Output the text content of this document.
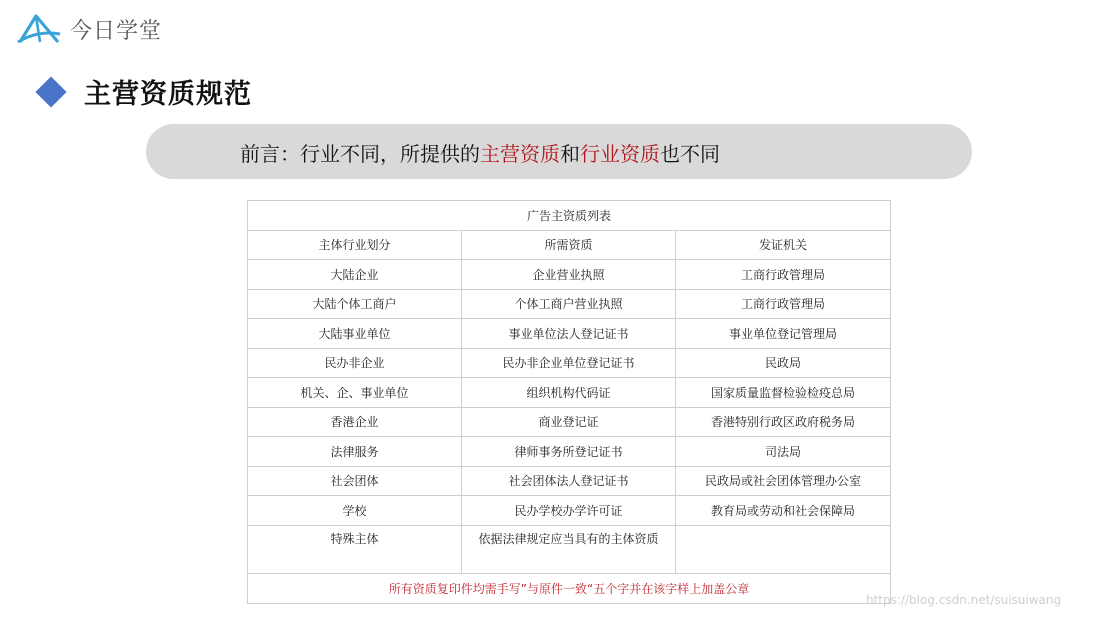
今日学堂
主营资质规范
前言：行业不同，所提供的主营资质和行业资质也不同
广告主资质列表		
主体行业划分	所需资质	发证机关
大陆企业	企业营业执照	工商行政管理局
大陆个体工商户	个体工商户营业执照	工商行政管理局
大陆事业单位	事业单位法人登记证书	事业单位登记管理局
民办非企业	民办非企业单位登记证书	民政局
机关、企、事业单位	组织机构代码证	国家质量监督检验检疫总局
香港企业	商业登记证	香港特别行政区政府税务局
法律服务	律师事务所登记证书	司法局
社会团体	社会团体法人登记证书	民政局或社会团体管理办公室
学校	民办学校办学许可证	教育局或劳动和社会保障局
特殊主体	依据法律规定应当具有的主体资质	
所有资质复印件均需手写”与原件一致“五个字并在该字样上加盖公章		
https://blog.csdn.net/suisuiwang
